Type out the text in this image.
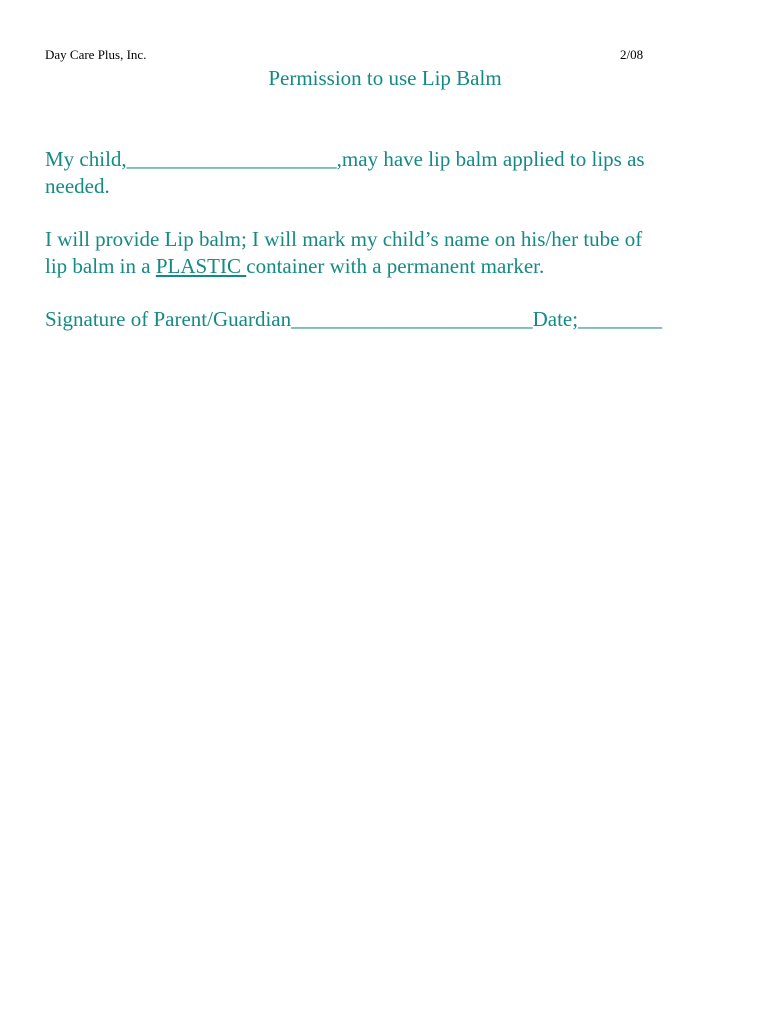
Day Care Plus, Inc.	2/08
Permission to use Lip Balm
My child,____________________,may have lip balm applied to lips as
needed.
I will provide Lip balm; I will mark my child’s name on his/her tube of
lip balm in a PLASTIC container with a permanent marker.
Signature of Parent/Guardian_______________________Date;________
